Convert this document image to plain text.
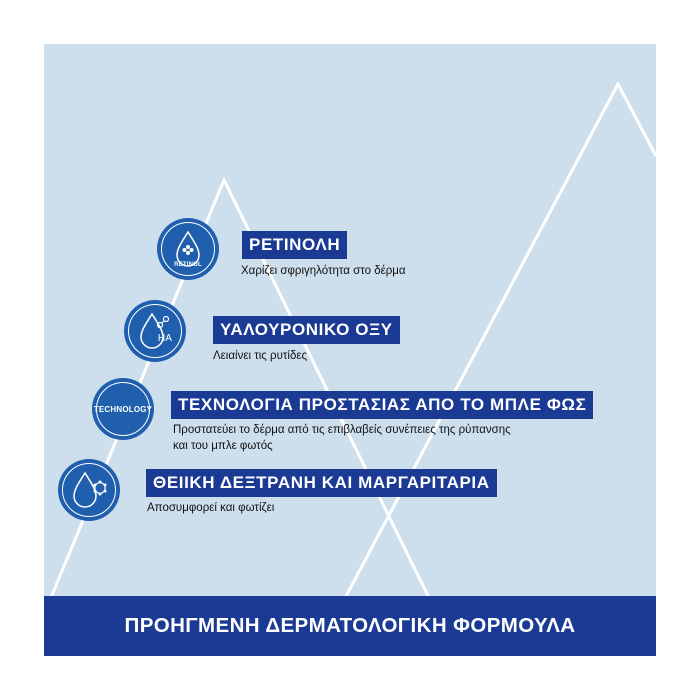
RETINOL
ΡΕΤΙΝΟΛΗ
Χαρίζει σφριγηλότητα στο δέρμα
HA	ΥΑΛΟΥΡΟΝΙΚΟ ΟΞΥ
Λειαίνει τις ρυτίδες
TECHNOLOGY	ΤΕΧΝΟΛΟΓΙΑ ΠΡΟΣΤΑΣΙΑΣ ΑΠΟ ΤΟ ΜΠΛΕ ΦΩΣ
Προστατεύει το δέρμα από τις επιβλαβείς συνέπειες της ρύπανσης
και του μπλε φωτός
ΘΕΙΙΚΗ ΔΕΞΤΡΑΝΗ ΚΑΙ ΜΑΡΓΑΡΙΤΑΡΙΑ
Αποσυμφορεί και φωτίζει
ΠΡΟΗΓΜΕΝΗ ΔΕΡΜΑΤΟΛΟΓΙΚΗ ΦΟΡΜΟΥΛΑ
